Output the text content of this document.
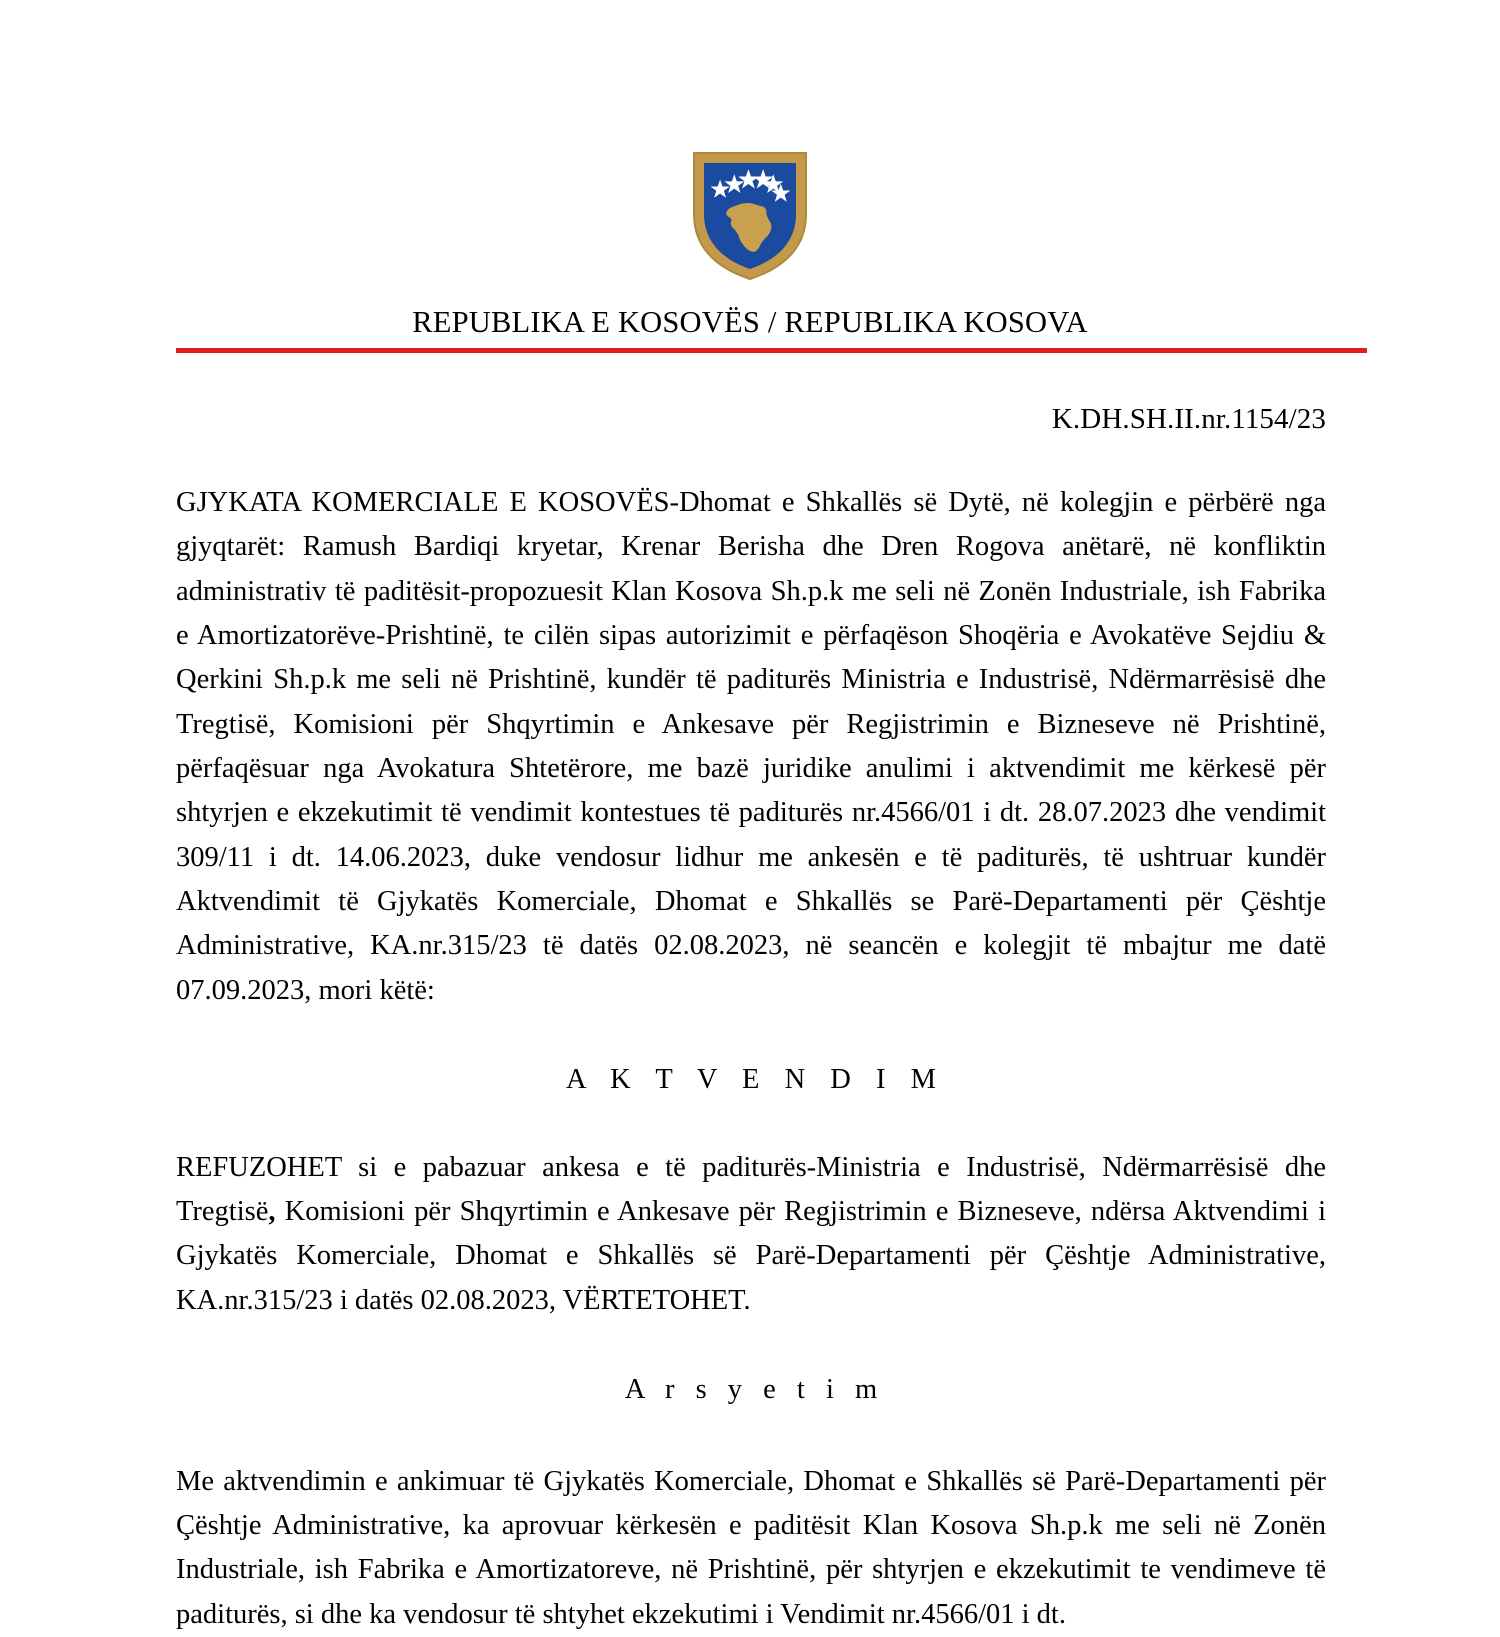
REPUBLIKA E KOSOVËS / REPUBLIKA KOSOVA
K.DH.SH.II.nr.1154/23

GJYKATA KOMERCIALE E KOSOVËS-Dhomat e Shkallës së Dytë, në kolegjin e përbërë nga gjyqtarët: Ramush Bardiqi kryetar, Krenar Berisha dhe Dren Rogova anëtarë, në konfliktin administrativ të paditësit-propozuesit Klan Kosova Sh.p.k me seli në Zonën Industriale, ish Fabrika e Amortizatorëve-Prishtinë, te cilën sipas autorizimit e përfaqëson Shoqëria e Avokatëve Sejdiu & Qerkini Sh.p.k me seli në Prishtinë, kundër të paditurës Ministria e Industrisë, Ndërmarrësisë dhe Tregtisë, Komisioni për Shqyrtimin e Ankesave për Regjistrimin e Bizneseve në Prishtinë, përfaqësuar nga Avokatura Shtetërore, me bazë juridike anulimi i aktvendimit me kërkesë për shtyrjen e ekzekutimit të vendimit kontestues të paditurës nr.4566/01 i dt. 28.07.2023 dhe vendimit 309/11 i dt. 14.06.2023, duke vendosur lidhur me ankesën e të paditurës, të ushtruar kundër Aktvendimit të Gjykatës Komerciale, Dhomat e Shkallës se Parë-Departamenti për Çështje Administrative, KA.nr.315/23 të datës 02.08.2023, në seancën e kolegjit të mbajtur me datë 07.09.2023, mori këtë:

A K T V E N D I M

REFUZOHET si e pabazuar ankesa e të paditurës-Ministria e Industrisë, Ndërmarrësisë dhe Tregtisë, Komisioni për Shqyrtimin e Ankesave për Regjistrimin e Bizneseve, ndërsa Aktvendimi i Gjykatës Komerciale, Dhomat e Shkallës së Parë-Departamenti për Çështje Administrative, KA.nr.315/23 i datës 02.08.2023, VËRTETOHET.

A r s y e t i m

Me aktvendimin e ankimuar të Gjykatës Komerciale, Dhomat e Shkallës së Parë-Departamenti për Çështje Administrative, ka aprovuar kërkesën e paditësit Klan Kosova Sh.p.k me seli në Zonën Industriale, ish Fabrika e Amortizatoreve, në Prishtinë, për shtyrjen e ekzekutimit te vendimeve të paditurës, si dhe ka vendosur të shtyhet ekzekutimi i Vendimit nr.4566/01 i dt.
